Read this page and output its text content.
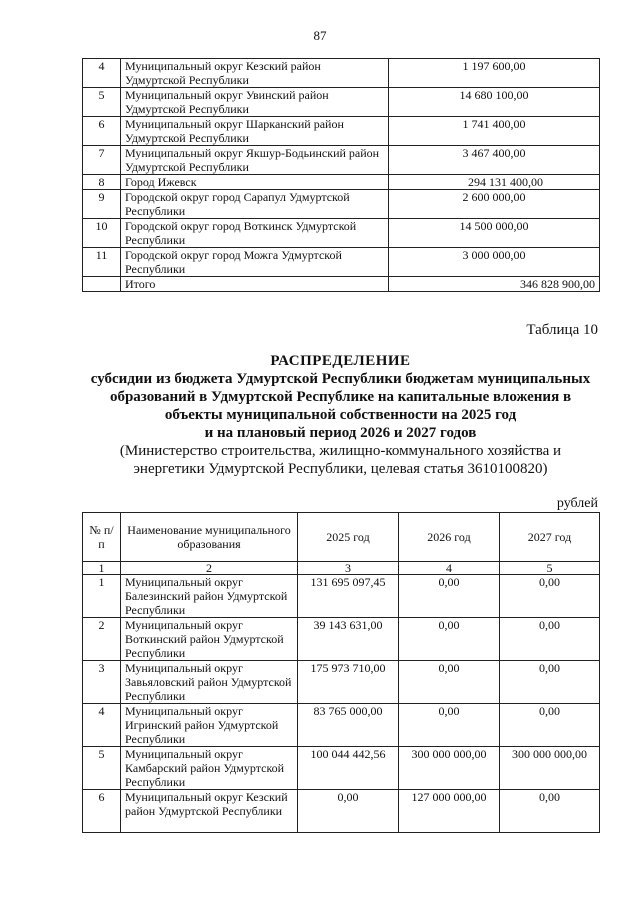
87
4	Муниципальный округ Кезский район Удмуртской Республики	1 197 600,00
5	Муниципальный округ Увинский район Удмуртской Республики	14 680 100,00
6	Муниципальный округ Шарканский район Удмуртской Республики	1 741 400,00
7	Муниципальный округ Якшур-Бодьинский район Удмуртской Республики	3 467 400,00
8	Город Ижевск	294 131 400,00
9	Городской округ город Сарапул Удмуртской Республики	2 600 000,00
10	Городской округ город Воткинск Удмуртской Республики	14 500 000,00
11	Городской округ город Можга Удмуртской Республики	3 000 000,00
	Итого	346 828 900,00
Таблица 10
РАСПРЕДЕЛЕНИЕ
субсидии из бюджета Удмуртской Республики бюджетам муниципальных
образований в Удмуртской Республике на капитальные вложения в
объекты муниципальной собственности на 2025 год
и на плановый период 2026 и 2027 годов
(Министерство строительства, жилищно-коммунального хозяйства и
энергетики Удмуртской Республики, целевая статья 3610100820)
рублей
№ п/п	Наименование муниципального образования	2025 год	2026 год	2027 год
1	2	3	4	5
1	Муниципальный округ Балезинский район Удмуртской Республики	131 695 097,45	0,00	0,00
2	Муниципальный округ Воткинский район Удмуртской Республики	39 143 631,00	0,00	0,00
3	Муниципальный округ Завьяловский район Удмуртской Республики	175 973 710,00	0,00	0,00
4	Муниципальный округ Игринский район Удмуртской Республики	83 765 000,00	0,00	0,00
5	Муниципальный округ Камбарский район Удмуртской Республики	100 044 442,56	300 000 000,00	300 000 000,00
6	Муниципальный округ Кезский район Удмуртской Республики	0,00	127 000 000,00	0,00
